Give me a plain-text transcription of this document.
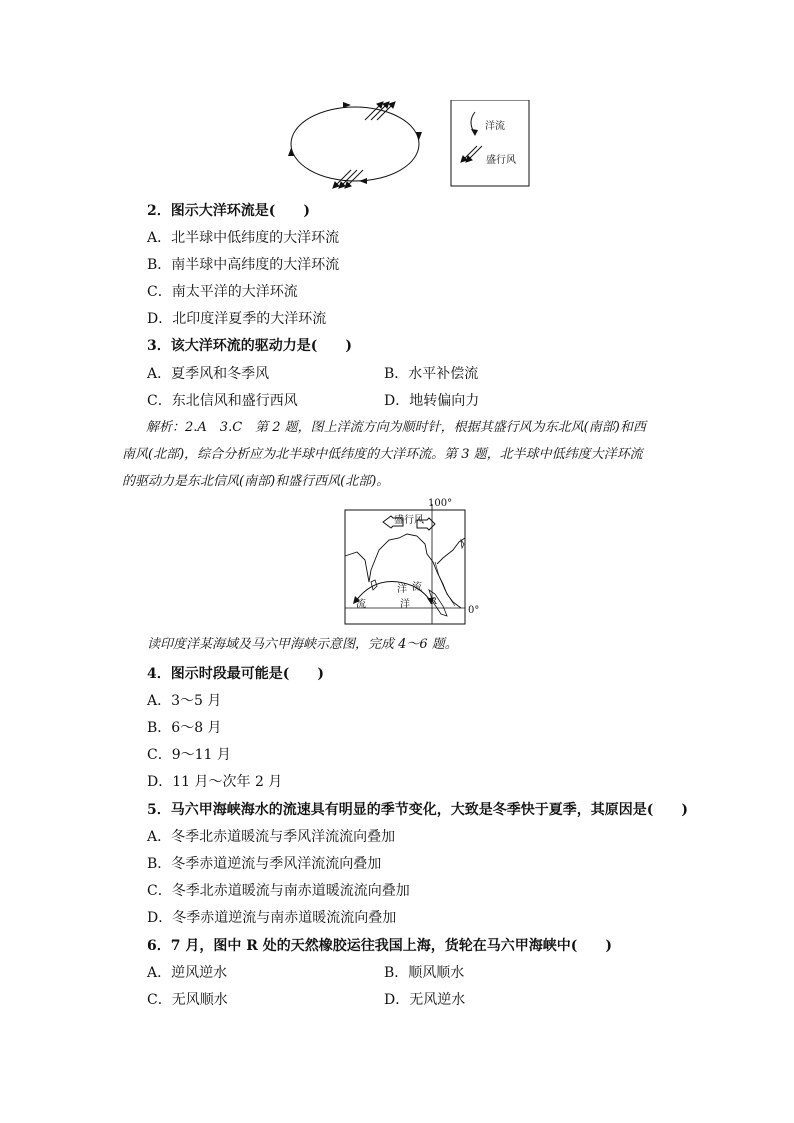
洋流
盛行风
2．图示大洋环流是(　　)
A．北半球中低纬度的大洋环流
B．南半球中高纬度的大洋环流
C．南太平洋的大洋环流
D．北印度洋夏季的大洋环流
3．该大洋环流的驱动力是(　　)
A．夏季风和冬季风	B．水平补偿流
C．东北信风和盛行西风	D．地转偏向力
解析：2.A　3.C　第 2 题，图上洋流方向为顺时针，根据其盛行风为东北风(南部)和西
南风(北部)，综合分析应为北半球中低纬度的大洋环流。第 3 题，北半球中低纬度大洋环流
的驱动力是东北信风(南部)和盛行西风(北部)。
100°
0°
盛行风
洋 流
流	洋 R
读印度洋某海域及马六甲海峡示意图，完成 4～6 题。
4．图示时段最可能是(　　)
A．3～5 月
B．6～8 月
C．9～11 月
D．11 月～次年 2 月
5．马六甲海峡海水的流速具有明显的季节变化，大致是冬季快于夏季，其原因是(　　)
A．冬季北赤道暖流与季风洋流流向叠加
B．冬季赤道逆流与季风洋流流向叠加
C．冬季北赤道暖流与南赤道暖流流向叠加
D．冬季赤道逆流与南赤道暖流流向叠加
6．7 月，图中 R 处的天然橡胶运往我国上海，货轮在马六甲海峡中(　　)
A．逆风逆水	B．顺风顺水
C．无风顺水	D．无风逆水
